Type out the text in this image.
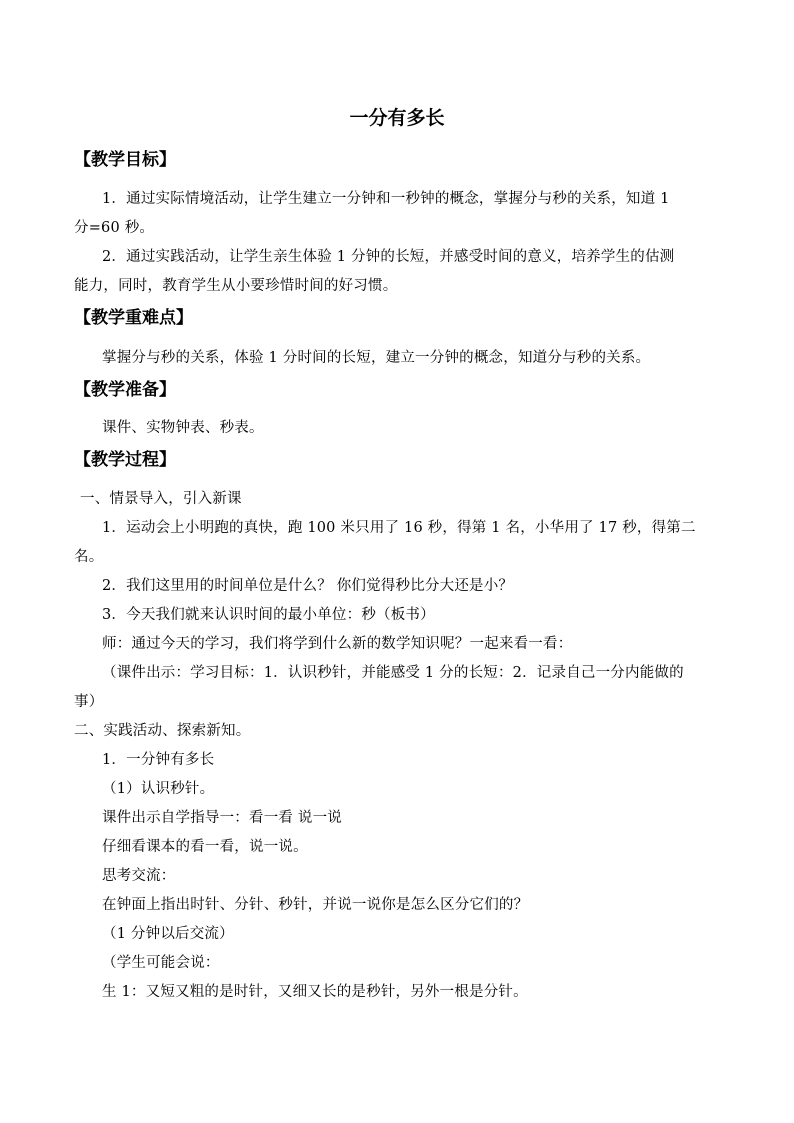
一分有多长
【教学目标】
1．通过实际情境活动，让学生建立一分钟和一秒钟的概念，掌握分与秒的关系，知道 1
分=60 秒。
2．通过实践活动，让学生亲生体验 1 分钟的长短，并感受时间的意义，培养学生的估测
能力，同时，教育学生从小要珍惜时间的好习惯。
【教学重难点】
掌握分与秒的关系，体验 1 分时间的长短，建立一分钟的概念，知道分与秒的关系。
【教学准备】
课件、实物钟表、秒表。
【教学过程】
一、情景导入，引入新课
1．运动会上小明跑的真快，跑 100 米只用了 16 秒，得第 1 名，小华用了 17 秒，得第二
名。
2．我们这里用的时间单位是什么？ 你们觉得秒比分大还是小？
3．今天我们就来认识时间的最小单位：秒（板书）
师：通过今天的学习，我们将学到什么新的数学知识呢？一起来看一看：
（课件出示：学习目标：1．认识秒针，并能感受 1 分的长短：2．记录自己一分内能做的
事）
二、实践活动、探索新知。
1．一分钟有多长
（1）认识秒针。
课件出示自学指导一：看一看 说一说
仔细看课本的看一看，说一说。
思考交流：
在钟面上指出时针、分针、秒针，并说一说你是怎么区分它们的？
（1 分钟以后交流）
（学生可能会说：
生 1：又短又粗的是时针，又细又长的是秒针，另外一根是分针。
